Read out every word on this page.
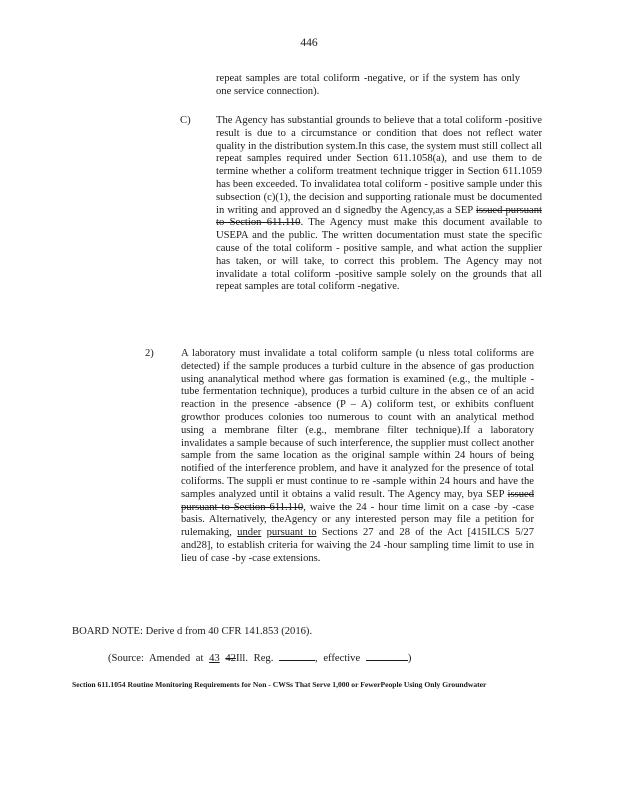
446
repeat samples are total coliform -negative, or if the system has only one service connection).
C) The Agency has substantial grounds to believe that a total coliform -positive result is due to a circumstance or condition that does not reflect water quality in the distribution system.In this case, the system must still collect all repeat samples required under Section 611.1058(a), and use them to de termine whether a coliform treatment technique trigger in Section 611.1059 has been exceeded. To invalidatea total coliform - positive sample under this subsection (c)(1), the decision and supporting rationale must be documented in writing and approved an d signedby the Agency,as a SEP issued pursuant to Section 611.110. The Agency must make this document available to USEPA and the public. The written documentation must state the specific cause of the total coliform - positive sample, and what action the supplier has taken, or will take, to correct this problem. The Agency may not invalidate a total coliform -positive sample solely on the grounds that all repeat samples are total coliform -negative.
2)	A laboratory must invalidate a total coliform sample (u nless total coliforms are detected) if the sample produces a turbid culture in the absence of gas production using ananalytical method where gas formation is examined (e.g., the multiple -tube fermentation technique), produces a turbid culture in the absen ce of an acid reaction in the presence -absence (P – A) coliform test, or exhibits confluent growthor produces colonies too numerous to count with an analytical method using a membrane filter (e.g., membrane filter technique).If a laboratory invalidates a sample because of such interference, the supplier must collect another sample from the same location as the original sample within 24 hours of being notified of the interference problem, and have it analyzed for the presence of total coliforms. The suppli er must continue to re -sample within 24 hours and have the samples analyzed until it obtains a valid result. The Agency may, bya SEP issued pursuant to Section 611.110, waive the 24 - hour time limit on a case -by -case basis. Alternatively, theAgency or any interested person may file a petition for rulemaking, under pursuant to Sections 27 and 28 of the Act [415ILCS 5/27 and28], to establish criteria for waiving the 24 -hour sampling time limit to use in lieu of case -by -case extensions.
BOARD NOTE: Derive d from 40 CFR 141.853 (2016).
(Source: Amended at 43 42Ill. Reg.	, effective	)
Section 611.1054 Routine Monitoring Requirements for Non - CWSs That Serve 1,000 or FewerPeople Using Only Groundwater
